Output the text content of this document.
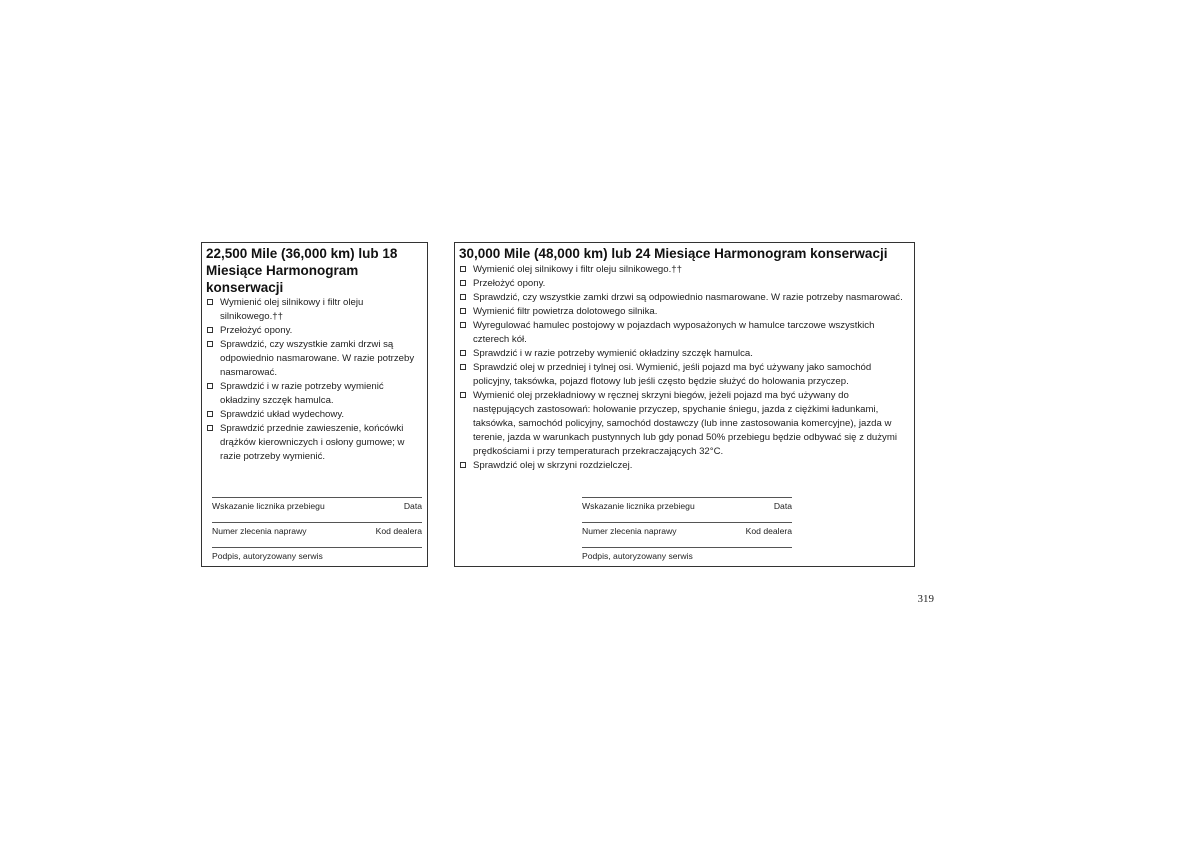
22,500 Mile (36,000 km) lub 18 Miesiące Harmonogram konserwacji
Wymienić olej silnikowy i filtr oleju silnikowego.††
Przełożyć opony.
Sprawdzić, czy wszystkie zamki drzwi są odpowiednio nasmarowane. W razie potrzeby nasmarować.
Sprawdzić i w razie potrzeby wymienić okładziny szczęk hamulca.
Sprawdzić układ wydechowy.
Sprawdzić przednie zawieszenie, końcówki drążków kierowniczych i osłony gumowe; w razie potrzeby wymienić.
Wskazanie licznika przebiegu	Data
Numer zlecenia naprawy	Kod dealera
Podpis, autoryzowany serwis
30,000 Mile (48,000 km) lub 24 Miesiące Harmonogram konserwacji
Wymienić olej silnikowy i filtr oleju silnikowego.††
Przełożyć opony.
Sprawdzić, czy wszystkie zamki drzwi są odpowiednio nasmarowane. W razie potrzeby nasmarować.
Wymienić filtr powietrza dolotowego silnika.
Wyregulować hamulec postojowy w pojazdach wyposażonych w hamulce tarczowe wszystkich czterech kół.
Sprawdzić i w razie potrzeby wymienić okładziny szczęk hamulca.
Sprawdzić olej w przedniej i tylnej osi. Wymienić, jeśli pojazd ma być używany jako samochód policyjny, taksówka, pojazd flotowy lub jeśli często będzie służyć do holowania przyczep.
Wymienić olej przekładniowy w ręcznej skrzyni biegów, jeżeli pojazd ma być używany do następujących zastosowań: holowanie przyczep, spychanie śniegu, jazda z ciężkimi ładunkami, taksówka, samochód policyjny, samochód dostawczy (lub inne zastosowania komercyjne), jazda w terenie, jazda w warunkach pustynnych lub gdy ponad 50% przebiegu będzie odbywać się z dużymi prędkościami i przy temperaturach przekraczających 32°C.
Sprawdzić olej w skrzyni rozdzielczej.
Wskazanie licznika przebiegu	Data
Numer zlecenia naprawy	Kod dealera
Podpis, autoryzowany serwis
319
